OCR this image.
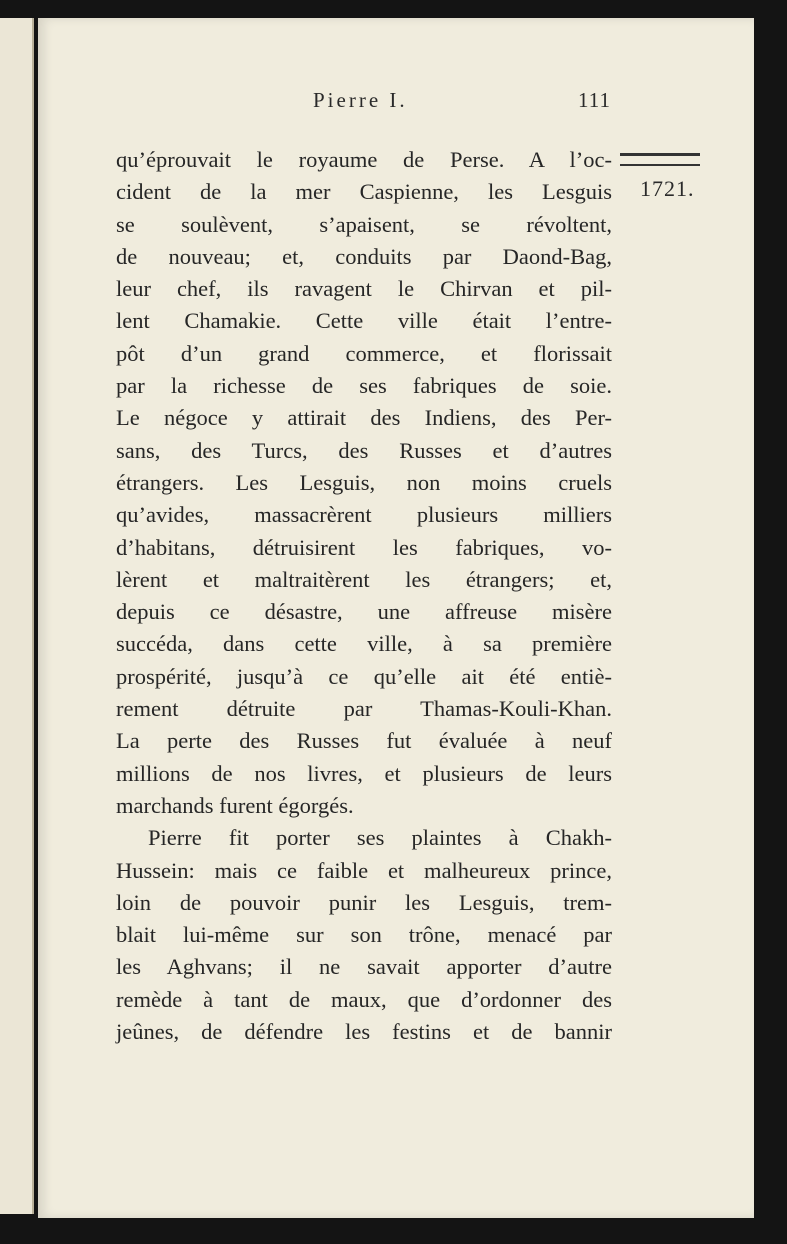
Pierre I.	111
1721.
qu’éprouvait le royaume de Perse. A l’oc-
cident de la mer Caspienne, les Lesguis
se soulèvent, s’apaisent, se révoltent,
de nouveau; et, conduits par Daond-Bag,
leur chef, ils ravagent le Chirvan et pil-
lent Chamakie. Cette ville était l’entre-
pôt d’un grand commerce, et florissait
par la richesse de ses fabriques de soie.
Le négoce y attirait des Indiens, des Per-
sans, des Turcs, des Russes et d’autres
étrangers. Les Lesguis, non moins cruels
qu’avides, massacrèrent plusieurs milliers
d’habitans, détruisirent les fabriques, vo-
lèrent et maltraitèrent les étrangers; et,
depuis ce désastre, une affreuse misère
succéda, dans cette ville, à sa première
prospérité, jusqu’à ce qu’elle ait été entiè-
rement détruite par Thamas-Kouli-Khan.
La perte des Russes fut évaluée à neuf
millions de nos livres, et plusieurs de leurs
marchands furent égorgés.
Pierre fit porter ses plaintes à Chakh-
Hussein: mais ce faible et malheureux prince,
loin de pouvoir punir les Lesguis, trem-
blait lui-même sur son trône, menacé par
les Aghvans; il ne savait apporter d’autre
remède à tant de maux, que d’ordonner des
jeûnes, de défendre les festins et de bannir
